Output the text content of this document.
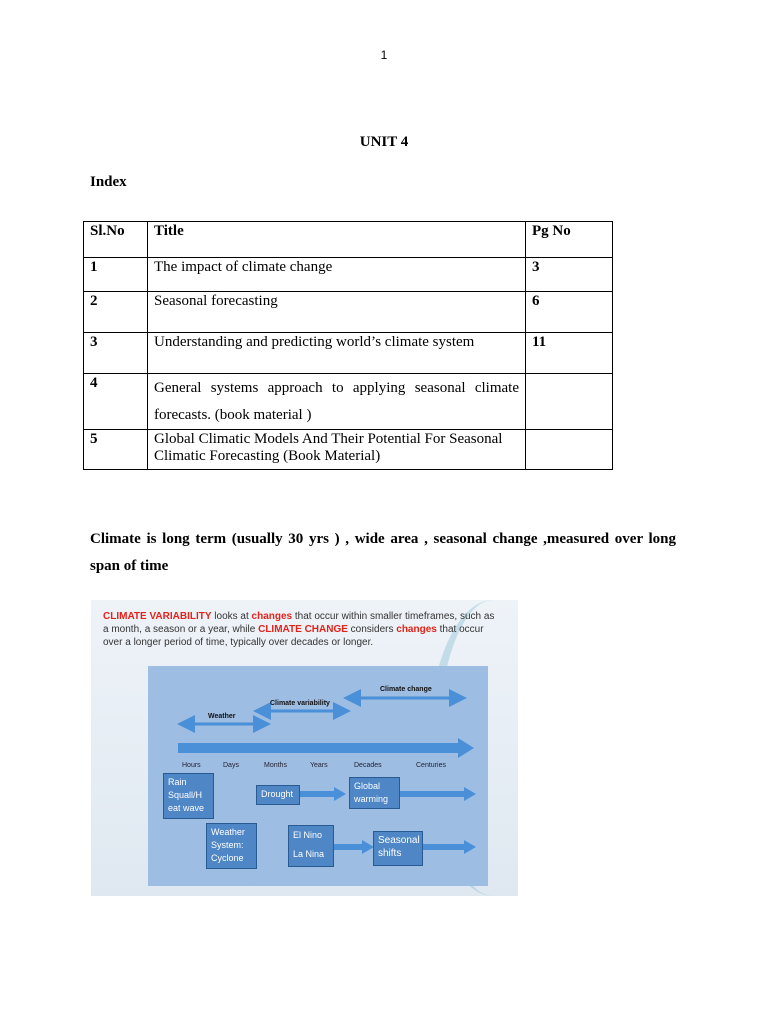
1
UNIT 4
Index
Sl.No	Title	Pg No
1	The impact of climate change	3
2	Seasonal forecasting	6
3	Understanding and predicting world’s climate system	11
4	General systems approach to applying seasonal climate forecasts. (book material )	
5	Global Climatic Models And Their Potential For Seasonal Climatic Forecasting (Book Material)	
Climate is long term (usually 30 yrs ) , wide area , seasonal change ,measured over long span of time
CLIMATE VARIABILITY looks at changes that occur within smaller timeframes, such as a month, a season or a year, while CLIMATE CHANGE considers changes that occur over a longer period of time, typically over decades or longer.
Climate change
Climate variability
Weather
Hours	Days	Months	Years	Decades	Centuries
Rain Squall/H eat wave
Drought
Global warming
Weather System: Cyclone
El Nino
La Nina
Seasonal shifts
